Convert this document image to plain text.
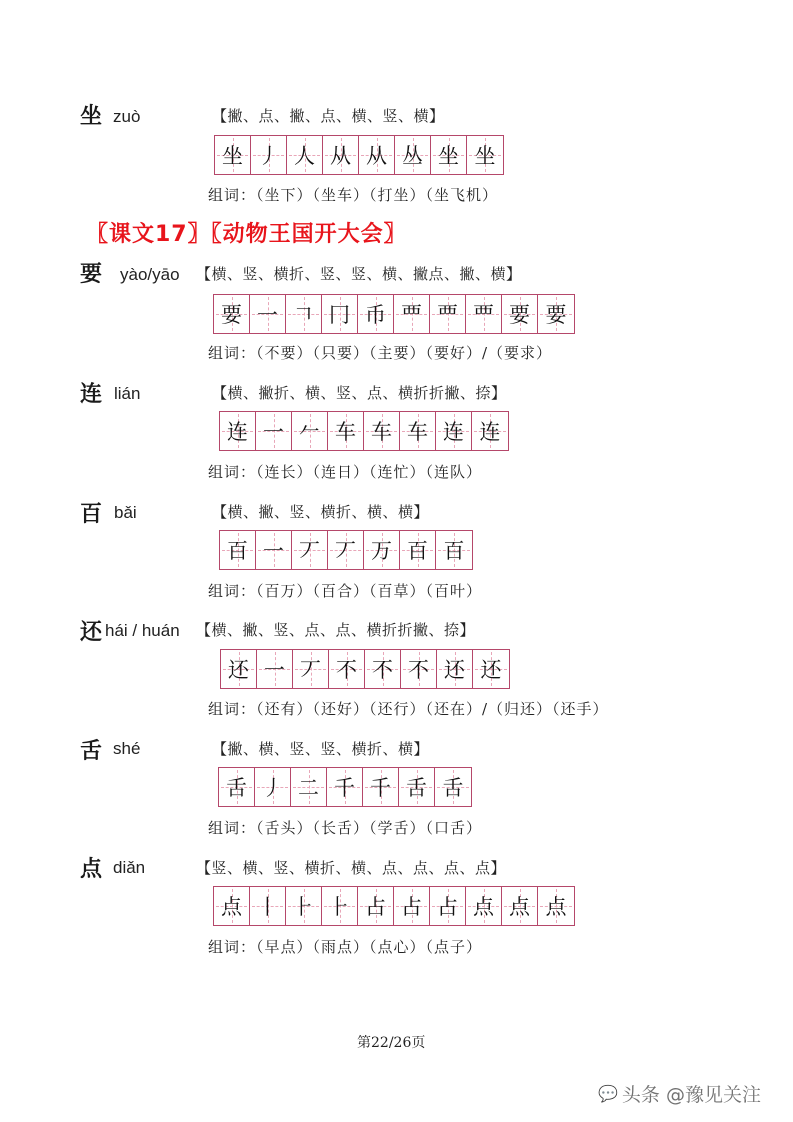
坐 zuò	【撇、点、撇、点、横、竖、横】
坐 丿 人 从 从 丛 坐 坐
组词：（坐下）（坐车）（打坐）（坐飞机）
〖课文17〗〖动物王国开大会〗
要 yào/yāo 【横、竖、横折、竖、竖、横、撇点、撇、横】
要 一 𠃍 冂 币 覀 覀 覀 要 要
组词：（不要）（只要）（主要）（要好）/（要求）
连 lián	【横、撇折、横、竖、点、横折折撇、捺】
连 一 𠂉 车 车 车 连 连
组词：（连长）（连日）（连忙）（连队）
百 bǎi	【横、撇、竖、横折、横、横】
百 一 丆 丆 万 百 百
组词：（百万）（百合）（百草）（百叶）
还 hái / huán 【横、撇、竖、点、点、横折折撇、捺】
还 一 丆 不 不 不 还 还
组词：（还有）（还好）（还行）（还在）/（归还）（还手）
舌 shé	【撇、横、竖、竖、横折、横】
舌 丿 二 千 千 舌 舌
组词：（舌头）（长舌）（学舌）（口舌）
点 diǎn	【竖、横、竖、横折、横、点、点、点、点】
点 丨 ⺊ ⺊ 占 占 占 点 点 点
组词：（早点）（雨点）（点心）（点子）
第22/26页
💬 头条 @豫见关注
